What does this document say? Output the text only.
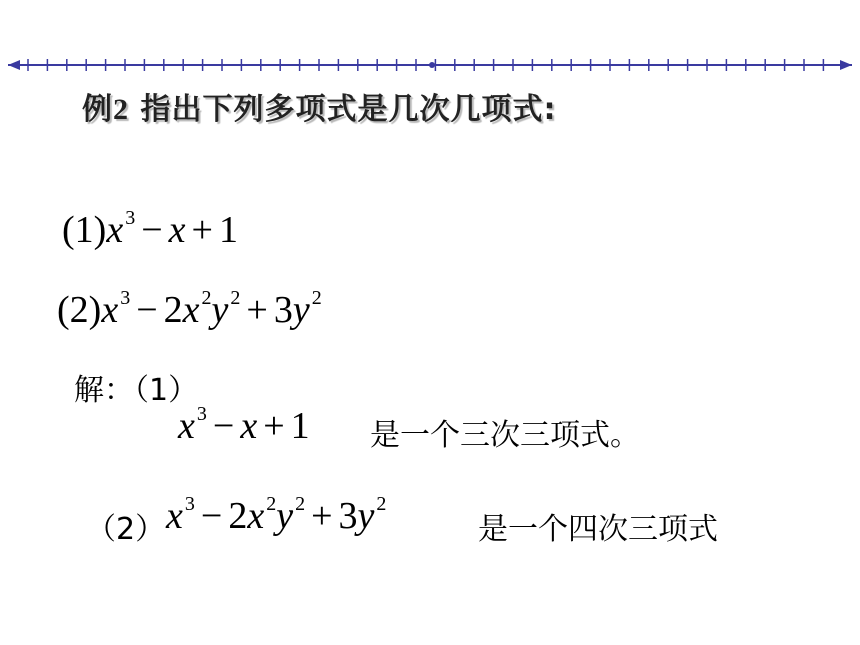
例2 指出下列多项式是几次几项式:
(1)x $^3$ − x + 1
(2)x $^3$ − 2x $^2$y $^2$ + 3y $^2$
解：（1）
x $^3$ − x + 1 是一个三次三项式。
（2） x $^3$ − 2x $^2$y $^2$ + 3y $^2$
是一个四次三项式
